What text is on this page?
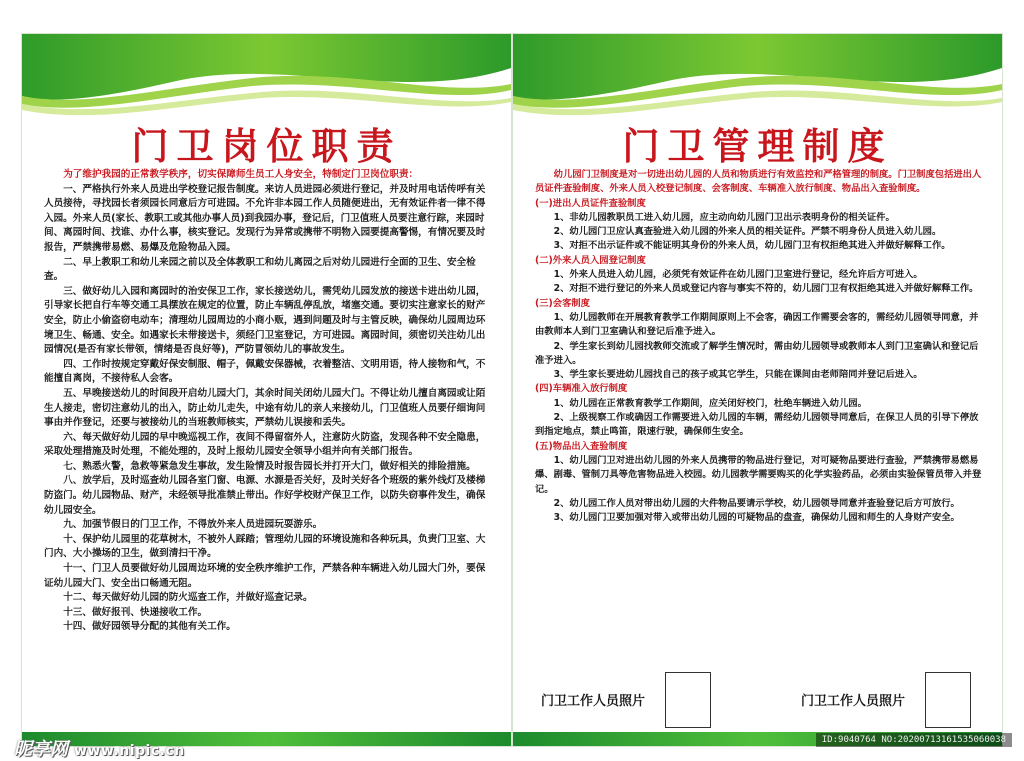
门卫岗位职责

为了维护我园的正常教学秩序，切实保障师生员工人身安全，特制定门卫岗位职责：

一、严格执行外来人员进出学校登记报告制度。来访人员进园必须进行登记，并及时用电话传呼有关人员接待，寻找园长者须园长同意后方可进园。不允许非本园工作人员随便进出，无有效证件者一律不得入园。外来人员(家长、教职工或其他办事人员)到我园办事，登记后，门卫值班人员要注意行踪，来园时间、离园时间、找谁、办什么事，核实登记。发现行为异常或携带不明物入园要提高警惕，有情况要及时报告，严禁携带易燃、易爆及危险物品入园。

二、早上教职工和幼儿来园之前以及全体教职工和幼儿离园之后对幼儿园进行全面的卫生、安全检查。

三、做好幼儿入园和离园时的治安保卫工作，家长接送幼儿，需凭幼儿园发放的接送卡进出幼儿园，引导家长把自行车等交通工具摆放在规定的位置，防止车辆乱停乱放，堵塞交通。要切实注意家长的财产安全，防止小偷盗窃电动车；清理幼儿园周边的小商小贩，遇到问题及时与主管反映，确保幼儿园周边环境卫生、畅通、安全。如遇家长未带接送卡，须经门卫室登记，方可进园。离园时间，须密切关注幼儿出园情况(是否有家长带领，情绪是否良好等)，严防冒领幼儿的事故发生。

四、工作时按规定穿戴好保安制服、帽子，佩戴安保器械，衣着整洁、文明用语，待人接物和气，不能擅自离岗，不接待私人会客。

五、早晚接送幼儿的时间段开启幼儿园大门，其余时间关闭幼儿园大门。不得让幼儿擅自离园或让陌生人接走，密切注意幼儿的出入，防止幼儿走失，中途有幼儿的亲人来接幼儿，门卫值班人员要仔细询问事由并作登记，还要与被接幼儿的当班教师核实，严禁幼儿误接和丢失。

六、每天做好幼儿园的早中晚巡视工作，夜间不得留宿外人，注意防火防盗，发现各种不安全隐患，采取处理措施及时处理，不能处理的，及时上报幼儿园安全领导小组并向有关部门报告。

七、熟悉火警，急救等紧急发生事故，发生险情及时报告园长并打开大门，做好相关的排险措施。

八、放学后，及时巡查幼儿园各室门窗、电源、水源是否关好，及时关好各个班级的紫外线灯及楼梯防盗门。幼儿园物品、财产，未经领导批准禁止带出。作好学校财产保卫工作，以防失窃事件发生，确保幼儿园安全。

九、加强节假日的门卫工作，不得放外来人员进园玩耍游乐。

十、保护幼儿园里的花草树木，不被外人踩踏；管理幼儿园的环境设施和各种玩具，负责门卫室、大门内、大小操场的卫生，做到清扫干净。

十一、门卫人员要做好幼儿园周边环境的安全秩序维护工作，严禁各种车辆进入幼儿园大门外，要保证幼儿园大门、安全出口畅通无阻。

十二、每天做好幼儿园的防火巡查工作，并做好巡查记录。

十三、做好报刊、快递接收工作。

十四、做好园领导分配的其他有关工作。

门卫管理制度

幼儿园门卫制度是对一切进出幼儿园的人员和物质进行有效监控和严格管理的制度。门卫制度包括进出人员证件查验制度、外来人员入校登记制度、会客制度、车辆准入放行制度、物品出入查验制度。

(一)进出人员证件查验制度

1、非幼儿园教职员工进入幼儿园，应主动向幼儿园门卫出示表明身份的相关证件。

2、幼儿园门卫应认真查验进入幼儿园的外来人员的相关证件。严禁不明身份人员进入幼儿园。

3、对拒不出示证件或不能证明其身份的外来人员，幼儿园门卫有权拒绝其进入并做好解释工作。

(二)外来人员入园登记制度

1、外来人员进入幼儿园，必须凭有效证件在幼儿园门卫室进行登记，经允许后方可进入。

2、对拒不进行登记的外来人员或登记内容与事实不符的，幼儿园门卫有权拒绝其进入并做好解释工作。

(三)会客制度

1、幼儿园教师在开展教育教学工作期间原则上不会客，确因工作需要会客的，需经幼儿园领导同意，并由教师本人到门卫室确认和登记后准予进入。

2、学生家长到幼儿园找教师交流或了解学生情况时，需由幼儿园领导或教师本人到门卫室确认和登记后准予进入。

3、学生家长要进幼儿园找自己的孩子或其它学生，只能在课间由老师陪同并登记后进入。

(四)车辆准入放行制度

1、幼儿园在正常教育教学工作期间，应关闭好校门，杜绝车辆进入幼儿园。

2、上级视察工作或确因工作需要进入幼儿园的车辆，需经幼儿园领导同意后，在保卫人员的引导下停放到指定地点，禁止鸣笛，限速行驶，确保师生安全。

(五)物品出入查验制度

1、幼儿园门卫对进出幼儿园的外来人员携带的物品进行登记，对可疑物品要进行查验，严禁携带易燃易爆、剧毒、管制刀具等危害物品进入校园。幼儿园教学需要购买的化学实验药品，必须由实验保管员带入并登记。

2、幼儿园工作人员对带出幼儿园的大件物品要请示学校，幼儿园领导同意并查验登记后方可放行。

3、幼儿园门卫要加强对带入或带出幼儿园的可疑物品的盘查，确保幼儿园和师生的人身财产安全。

门卫工作人员照片	门卫工作人员照片
昵享网 www.nipic.cn
ID:9040764 NO:20200713161535060038
